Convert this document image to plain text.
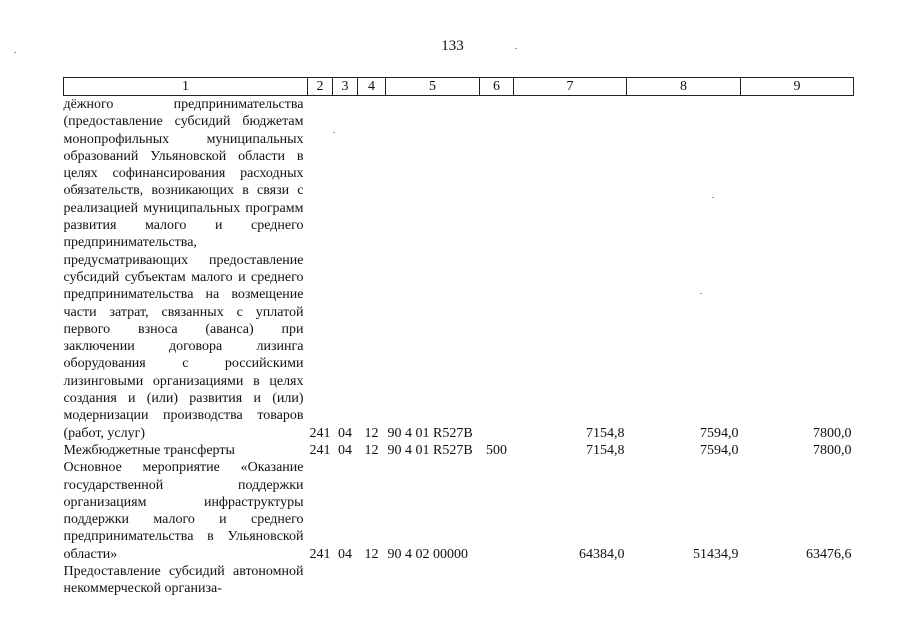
133
1	2	3	4	5	6	7	8	9
дёжного предпринимательства (предоставление субсидий бюджетам монопрофильных муниципальных образований Ульяновской области в целях софинансирования расходных обязательств, возникающих в связи с реализацией муниципальных программ развития малого и среднего предпринимательства, предусматривающих предоставление субсидий субъектам малого и среднего предпринимательства на возмещение части затрат, связанных с уплатой первого взноса (аванса) при заключении договора лизинга оборудования с российскими лизинговыми организациями в целях создания и (или) развития и (или) модернизации производства товаров (работ, услуг)	241	04	12	90 4 01 R527В		7154,8	7594,0	7800,0
Межбюджетные трансферты	241	04	12	90 4 01 R527В	500	7154,8	7594,0	7800,0
Основное мероприятие «Оказание государственной поддержки организациям инфраструктуры поддержки малого и среднего предпринимательства в Ульяновской области»	241	04	12	90 4 02 00000		64384,0	51434,9	63476,6
Предоставление субсидий автономной некоммерческой организа-								
